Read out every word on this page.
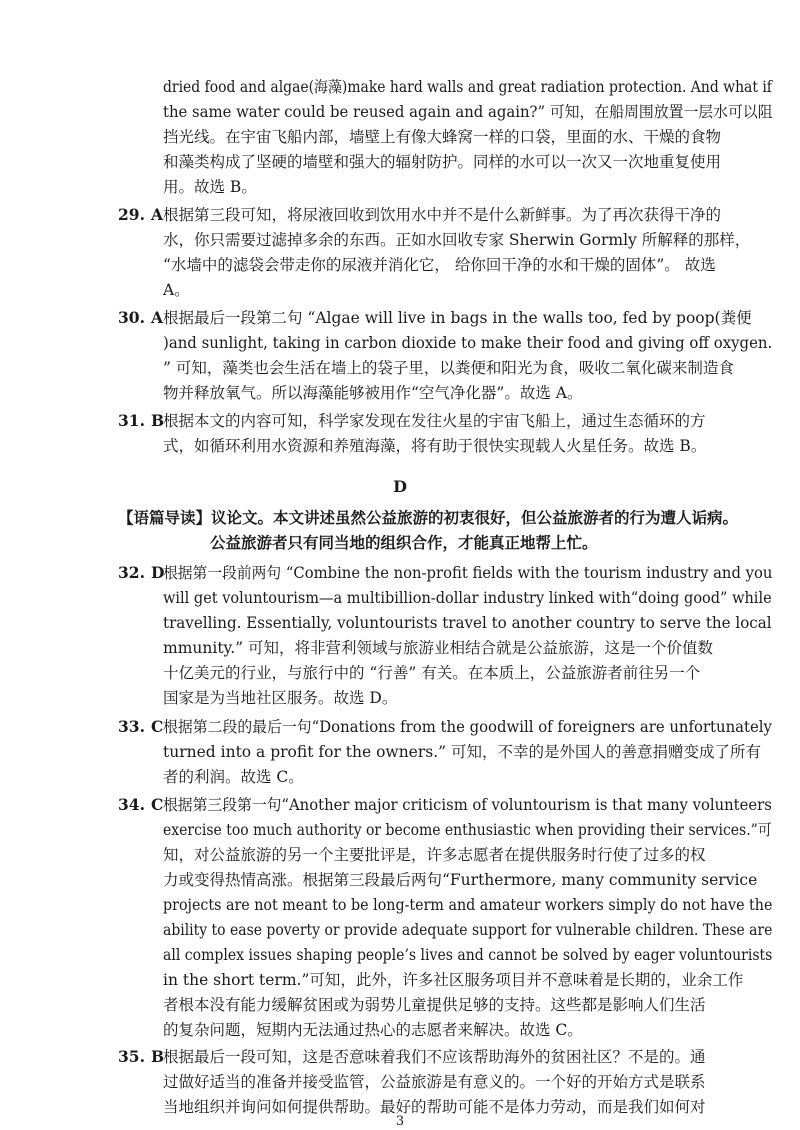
dried food and algae(海藻)make hard walls and great radiation protection. And what if
the same water could be reused again and again?” 可知，在船周围放置一层水可以阻
挡光线。在宇宙飞船内部，墙壁上有像大蜂窝一样的口袋，里面的水、干燥的食物
和藻类构成了坚硬的墙壁和强大的辐射防护。同样的水可以一次又一次地重复使用
用。故选 B。
29. A 根据第三段可知，将尿液回收到饮用水中并不是什么新鲜事。为了再次获得干净的
水，你只需要过滤掉多余的东西。正如水回收专家 Sherwin Gormly 所解释的那样，
“水墙中的滤袋会带走你的尿液并消化它， 给你回干净的水和干燥的固体”。 故选
A。
30. A 根据最后一段第二句 “Algae will live in bags in the walls too, fed by poop(粪便
)and sunlight, taking in carbon dioxide to make their food and giving off oxygen.
” 可知，藻类也会生活在墙上的袋子里，以粪便和阳光为食，吸收二氧化碳来制造食
物并释放氧气。所以海藻能够被用作“空气净化器”。故选 A。
31. B
根据本文的内容可知，科学家发现在发往火星的宇宙飞船上，通过生态循环的方
式，如循环利用水资源和养殖海藻，将有助于很快实现载人火星任务。故选 B。
D
【语篇导读】议论文。本文讲述虽然公益旅游的初衷很好，但公益旅游者的行为遭人诟病。
公益旅游者只有同当地的组织合作，才能真正地帮上忙。
32. D
根据第一段前两句 “Combine the non-profit fields with the tourism industry and you
will get voluntourism—a multibillion-dollar industry linked with“doing good” while
travelling. Essentially, voluntourists travel to another country to serve the local
mmunity.” 可知，将非营利领域与旅游业相结合就是公益旅游，这是一个价值数
十亿美元的行业，与旅行中的 “行善” 有关。在本质上，公益旅游者前往另一个
国家是为当地社区服务。故选 D。
33. C 根据第二段的最后一句“Donations from the goodwill of foreigners are unfortunately
turned into a profit for the owners.” 可知，不幸的是外国人的善意捐赠变成了所有
者的利润。故选 C。
34. C 根据第三段第一句“Another major criticism of voluntourism is that many volunteers
exercise too much authority or become enthusiastic when providing their services.”可
知，对公益旅游的另一个主要批评是，许多志愿者在提供服务时行使了过多的权
力或变得热情高涨。根据第三段最后两句“Furthermore, many community service
projects are not meant to be long-term and amateur workers simply do not have the
ability to ease poverty or provide adequate support for vulnerable children. These are
all complex issues shaping people’s lives and cannot be solved by eager voluntourists
in the short term.”可知，此外，许多社区服务项目并不意味着是长期的，业余工作
者根本没有能力缓解贫困或为弱势儿童提供足够的支持。这些都是影响人们生活
的复杂问题，短期内无法通过热心的志愿者来解决。故选 C。
35. B
根据最后一段可知，这是否意味着我们不应该帮助海外的贫困社区？不是的。通
过做好适当的准备并接受监管，公益旅游是有意义的。一个好的开始方式是联系
当地组织并询问如何提供帮助。最好的帮助可能不是体力劳动，而是我们如何对
3
